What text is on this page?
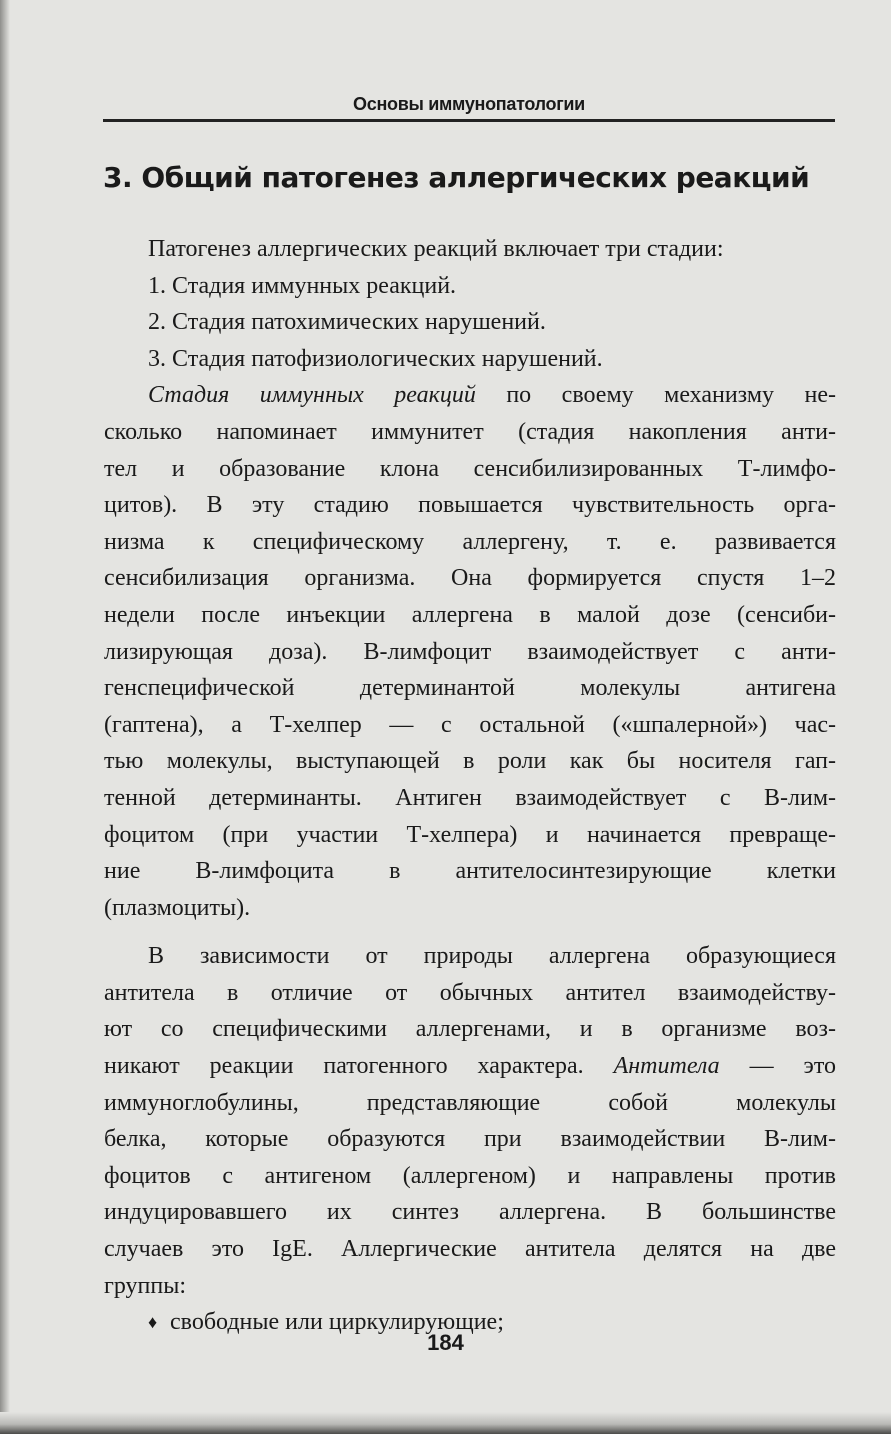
Основы иммунопатологии
3. Общий патогенез аллергических реакций

Патогенез аллергических реакций включает три стадии:

1. Стадия иммунных реакций.

2. Стадия патохимических нарушений.

3. Стадия патофизиологических нарушений.

Стадия иммунных реакций по своему механизму не-

сколько напоминает иммунитет (стадия накопления анти-

тел и образование клона сенсибилизированных Т-лимфо-

цитов). В эту стадию повышается чувствительность орга-

низма к специфическому аллергену, т. е. развивается

сенсибилизация организма. Она формируется спустя 1–2

недели после инъекции аллергена в малой дозе (сенсиби-

лизирующая доза). В-лимфоцит взаимодействует с анти-

генспецифической детерминантой молекулы антигена

(гаптена), а Т-хелпер — с остальной («шпалерной») час-

тью молекулы, выступающей в роли как бы носителя гап-

тенной детерминанты. Антиген взаимодействует с В-лим-

фоцитом (при участии Т-хелпера) и начинается превраще-

ние В-лимфоцита в антителосинтезирующие клетки

(плазмоциты).

В зависимости от природы аллергена образующиеся

антитела в отличие от обычных антител взаимодейству-

ют со специфическими аллергенами, и в организме воз-

никают реакции патогенного характера. Антитела — это

иммуноглобулины, представляющие собой молекулы

белка, которые образуются при взаимодействии В-лим-

фоцитов с антигеном (аллергеном) и направлены против

индуцировавшего их синтез аллергена. В большинстве

случаев это IgE. Аллергические антитела делятся на две

группы:

♦ свободные или циркулирующие;

184
